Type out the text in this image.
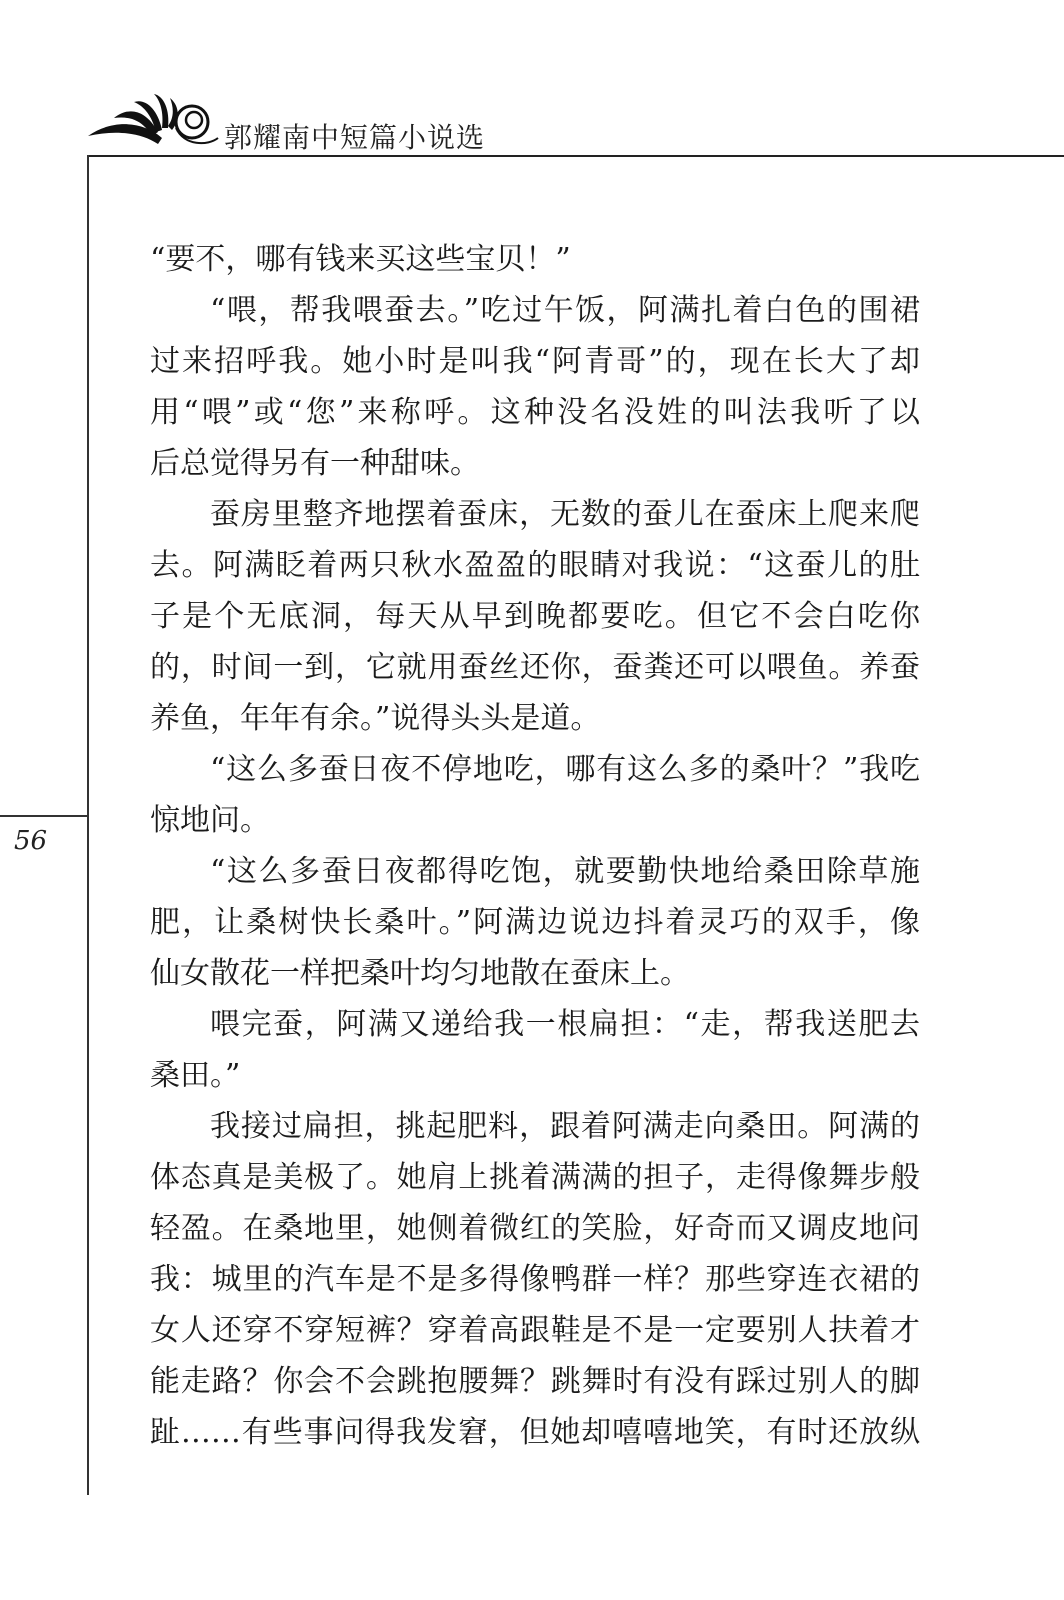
郭耀南中短篇小说选
56
“要不，哪有钱来买这些宝贝！”
“喂，帮我喂蚕去。”吃过午饭，阿满扎着白色的围裙
过来招呼我。她小时是叫我“阿青哥”的，现在长大了却
用“喂”或“您”来称呼。这种没名没姓的叫法我听了以
后总觉得另有一种甜味。
蚕房里整齐地摆着蚕床，无数的蚕儿在蚕床上爬来爬
去。阿满眨着两只秋水盈盈的眼睛对我说：“这蚕儿的肚
子是个无底洞，每天从早到晚都要吃。但它不会白吃你
的，时间一到，它就用蚕丝还你，蚕粪还可以喂鱼。养蚕
养鱼，年年有余。”说得头头是道。
“这么多蚕日夜不停地吃，哪有这么多的桑叶？”我吃
惊地问。
“这么多蚕日夜都得吃饱，就要勤快地给桑田除草施
肥，让桑树快长桑叶。”阿满边说边抖着灵巧的双手，像
仙女散花一样把桑叶均匀地散在蚕床上。
喂完蚕，阿满又递给我一根扁担：“走，帮我送肥去
桑田。”
我接过扁担，挑起肥料，跟着阿满走向桑田。阿满的
体态真是美极了。她肩上挑着满满的担子，走得像舞步般
轻盈。在桑地里，她侧着微红的笑脸，好奇而又调皮地问
我：城里的汽车是不是多得像鸭群一样？那些穿连衣裙的
女人还穿不穿短裤？穿着高跟鞋是不是一定要别人扶着才
能走路？你会不会跳抱腰舞？跳舞时有没有踩过别人的脚
趾……有些事问得我发窘，但她却嘻嘻地笑，有时还放纵
